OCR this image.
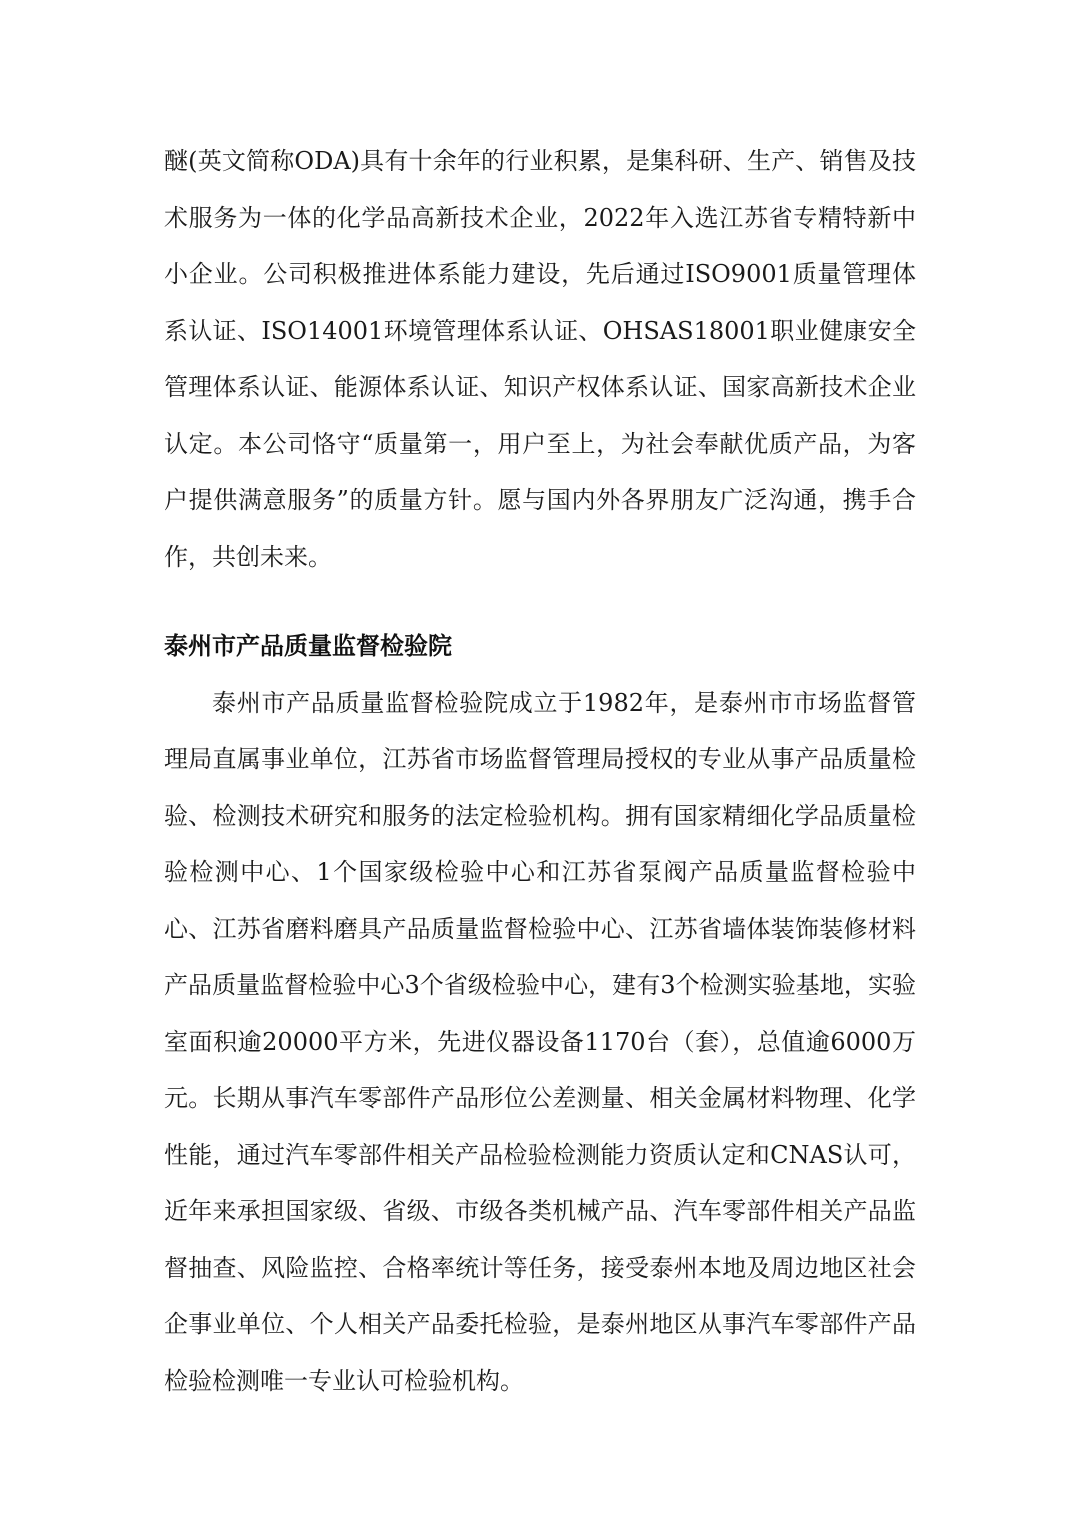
醚(英文简称ODA)具有十余年的行业积累，是集科研、生产、销售及技术服务为一体的化学品高新技术企业，2022年入选江苏省专精特新中小企业。公司积极推进体系能力建设，先后通过ISO9001质量管理体系认证、ISO14001环境管理体系认证、OHSAS18001职业健康安全管理体系认证、能源体系认证、知识产权体系认证、国家高新技术企业认定。本公司恪守“质量第一，用户至上，为社会奉献优质产品，为客户提供满意服务”的质量方针。愿与国内外各界朋友广泛沟通，携手合作，共创未来。

泰州市产品质量监督检验院

泰州市产品质量监督检验院成立于1982年，是泰州市市场监督管理局直属事业单位，江苏省市场监督管理局授权的专业从事产品质量检验、检测技术研究和服务的法定检验机构。拥有国家精细化学品质量检验检测中心、1个国家级检验中心和江苏省泵阀产品质量监督检验中心、江苏省磨料磨具产品质量监督检验中心、江苏省墙体装饰装修材料产品质量监督检验中心3个省级检验中心，建有3个检测实验基地，实验室面积逾20000平方米，先进仪器设备1170台（套），总值逾6000万元。长期从事汽车零部件产品形位公差测量、相关金属材料物理、化学性能，通过汽车零部件相关产品检验检测能力资质认定和CNAS认可，近年来承担国家级、省级、市级各类机械产品、汽车零部件相关产品监督抽查、风险监控、合格率统计等任务，接受泰州本地及周边地区社会企事业单位、个人相关产品委托检验，是泰州地区从事汽车零部件产品检验检测唯一专业认可检验机构。
